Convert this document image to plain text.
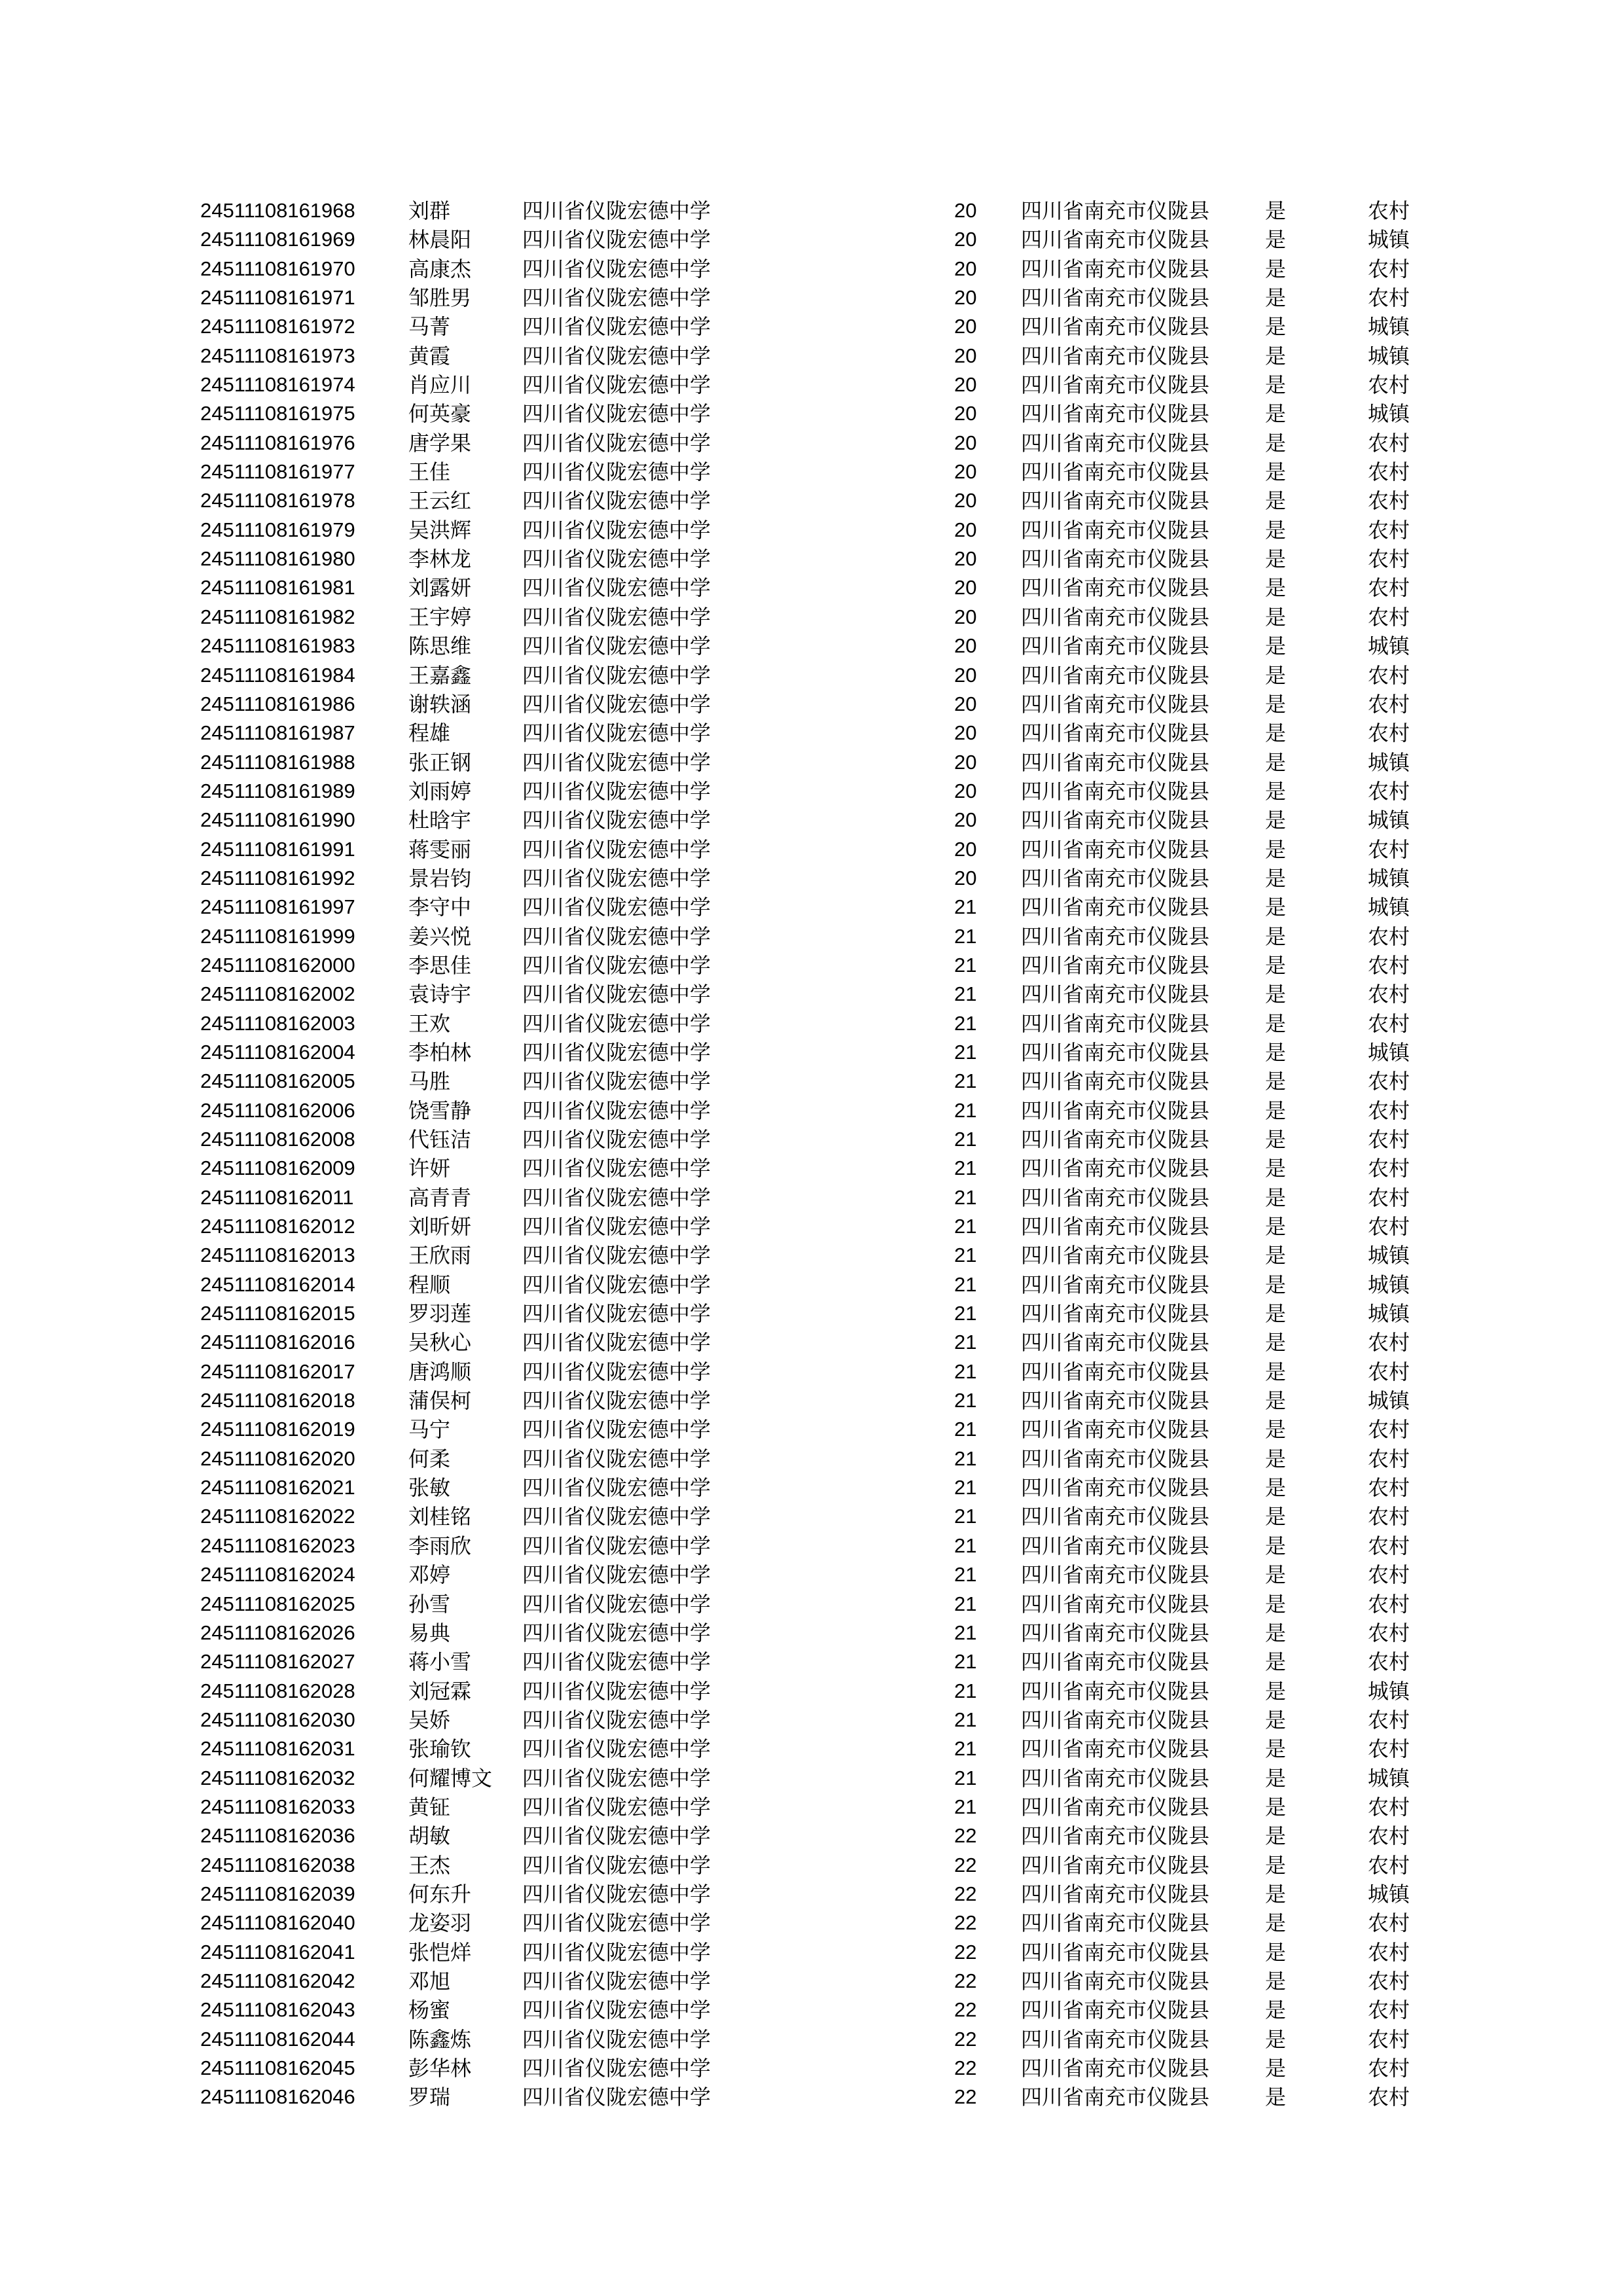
24511108161968	刘群	四川省仪陇宏德中学	20 四川省南充市仪陇县	是	农村
24511108161969	林晨阳 四川省仪陇宏德中学	20 四川省南充市仪陇县	是	城镇
24511108161970	高康杰 四川省仪陇宏德中学	20 四川省南充市仪陇县	是	农村
24511108161971	邹胜男 四川省仪陇宏德中学	20 四川省南充市仪陇县	是	农村
24511108161972	马菁	四川省仪陇宏德中学	20 四川省南充市仪陇县	是	城镇
24511108161973	黄霞	四川省仪陇宏德中学	20 四川省南充市仪陇县	是	城镇
24511108161974	肖应川 四川省仪陇宏德中学	20 四川省南充市仪陇县	是	农村
24511108161975	何英豪 四川省仪陇宏德中学	20 四川省南充市仪陇县	是	城镇
24511108161976	唐学果 四川省仪陇宏德中学	20 四川省南充市仪陇县	是	农村
24511108161977	王佳	四川省仪陇宏德中学	20 四川省南充市仪陇县	是	农村
24511108161978	王云红 四川省仪陇宏德中学	20 四川省南充市仪陇县	是	农村
24511108161979	吴洪辉 四川省仪陇宏德中学	20 四川省南充市仪陇县	是	农村
24511108161980	李林龙 四川省仪陇宏德中学	20 四川省南充市仪陇县	是	农村
24511108161981	刘露妍 四川省仪陇宏德中学	20 四川省南充市仪陇县	是	农村
24511108161982	王宇婷 四川省仪陇宏德中学	20 四川省南充市仪陇县	是	农村
24511108161983	陈思维 四川省仪陇宏德中学	20 四川省南充市仪陇县	是	城镇
24511108161984	王嘉鑫 四川省仪陇宏德中学	20 四川省南充市仪陇县	是	农村
24511108161986	谢轶涵 四川省仪陇宏德中学	20 四川省南充市仪陇县	是	农村
24511108161987	程雄	四川省仪陇宏德中学	20 四川省南充市仪陇县	是	农村
24511108161988	张正钢 四川省仪陇宏德中学	20 四川省南充市仪陇县	是	城镇
24511108161989	刘雨婷 四川省仪陇宏德中学	20 四川省南充市仪陇县	是	农村
24511108161990	杜晗宇 四川省仪陇宏德中学	20 四川省南充市仪陇县	是	城镇
24511108161991	蒋雯丽 四川省仪陇宏德中学	20 四川省南充市仪陇县	是	农村
24511108161992	景岩钧 四川省仪陇宏德中学	20 四川省南充市仪陇县	是	城镇
24511108161997	李守中 四川省仪陇宏德中学	21 四川省南充市仪陇县	是	城镇
24511108161999	姜兴悦 四川省仪陇宏德中学	21 四川省南充市仪陇县	是	农村
24511108162000	李思佳 四川省仪陇宏德中学	21 四川省南充市仪陇县	是	农村
24511108162002	袁诗宇 四川省仪陇宏德中学	21 四川省南充市仪陇县	是	农村
24511108162003	王欢	四川省仪陇宏德中学	21 四川省南充市仪陇县	是	农村
24511108162004	李柏林 四川省仪陇宏德中学	21 四川省南充市仪陇县	是	城镇
24511108162005	马胜	四川省仪陇宏德中学	21 四川省南充市仪陇县	是	农村
24511108162006	饶雪静 四川省仪陇宏德中学	21 四川省南充市仪陇县	是	农村
24511108162008	代钰洁 四川省仪陇宏德中学	21 四川省南充市仪陇县	是	农村
24511108162009	许妍	四川省仪陇宏德中学	21 四川省南充市仪陇县	是	农村
24511108162011	高青青 四川省仪陇宏德中学	21 四川省南充市仪陇县	是	农村
24511108162012	刘昕妍 四川省仪陇宏德中学	21 四川省南充市仪陇县	是	农村
24511108162013	王欣雨 四川省仪陇宏德中学	21 四川省南充市仪陇县	是	城镇
24511108162014	程顺	四川省仪陇宏德中学	21 四川省南充市仪陇县	是	城镇
24511108162015	罗羽莲 四川省仪陇宏德中学	21 四川省南充市仪陇县	是	城镇
24511108162016	吴秋心 四川省仪陇宏德中学	21 四川省南充市仪陇县	是	农村
24511108162017	唐鸿顺 四川省仪陇宏德中学	21 四川省南充市仪陇县	是	农村
24511108162018	蒲俣柯 四川省仪陇宏德中学	21 四川省南充市仪陇县	是	城镇
24511108162019	马宁	四川省仪陇宏德中学	21 四川省南充市仪陇县	是	农村
24511108162020	何柔	四川省仪陇宏德中学	21 四川省南充市仪陇县	是	农村
24511108162021	张敏	四川省仪陇宏德中学	21 四川省南充市仪陇县	是	农村
24511108162022	刘桂铭 四川省仪陇宏德中学	21 四川省南充市仪陇县	是	农村
24511108162023	李雨欣 四川省仪陇宏德中学	21 四川省南充市仪陇县	是	农村
24511108162024	邓婷	四川省仪陇宏德中学	21 四川省南充市仪陇县	是	农村
24511108162025	孙雪	四川省仪陇宏德中学	21 四川省南充市仪陇县	是	农村
24511108162026	易典	四川省仪陇宏德中学	21 四川省南充市仪陇县	是	农村
24511108162027	蒋小雪 四川省仪陇宏德中学	21 四川省南充市仪陇县	是	农村
24511108162028	刘冠霖 四川省仪陇宏德中学	21 四川省南充市仪陇县	是	城镇
24511108162030	吴娇	四川省仪陇宏德中学	21 四川省南充市仪陇县	是	农村
24511108162031	张瑜钦 四川省仪陇宏德中学	21 四川省南充市仪陇县	是	农村
24511108162032	何耀博文 四川省仪陇宏德中学	21 四川省南充市仪陇县	是	城镇
24511108162033	黄钲	四川省仪陇宏德中学	21 四川省南充市仪陇县	是	农村
24511108162036	胡敏	四川省仪陇宏德中学	22 四川省南充市仪陇县	是	农村
24511108162038	王杰	四川省仪陇宏德中学	22 四川省南充市仪陇县	是	农村
24511108162039	何东升 四川省仪陇宏德中学	22 四川省南充市仪陇县	是	城镇
24511108162040	龙姿羽 四川省仪陇宏德中学	22 四川省南充市仪陇县	是	农村
24511108162041	张恺烊 四川省仪陇宏德中学	22 四川省南充市仪陇县	是	农村
24511108162042	邓旭	四川省仪陇宏德中学	22 四川省南充市仪陇县	是	农村
24511108162043	杨蜜	四川省仪陇宏德中学	22 四川省南充市仪陇县	是	农村
24511108162044	陈鑫炼 四川省仪陇宏德中学	22 四川省南充市仪陇县	是	农村
24511108162045	彭华林 四川省仪陇宏德中学	22 四川省南充市仪陇县	是	农村
24511108162046	罗瑞	四川省仪陇宏德中学	22 四川省南充市仪陇县	是	农村
